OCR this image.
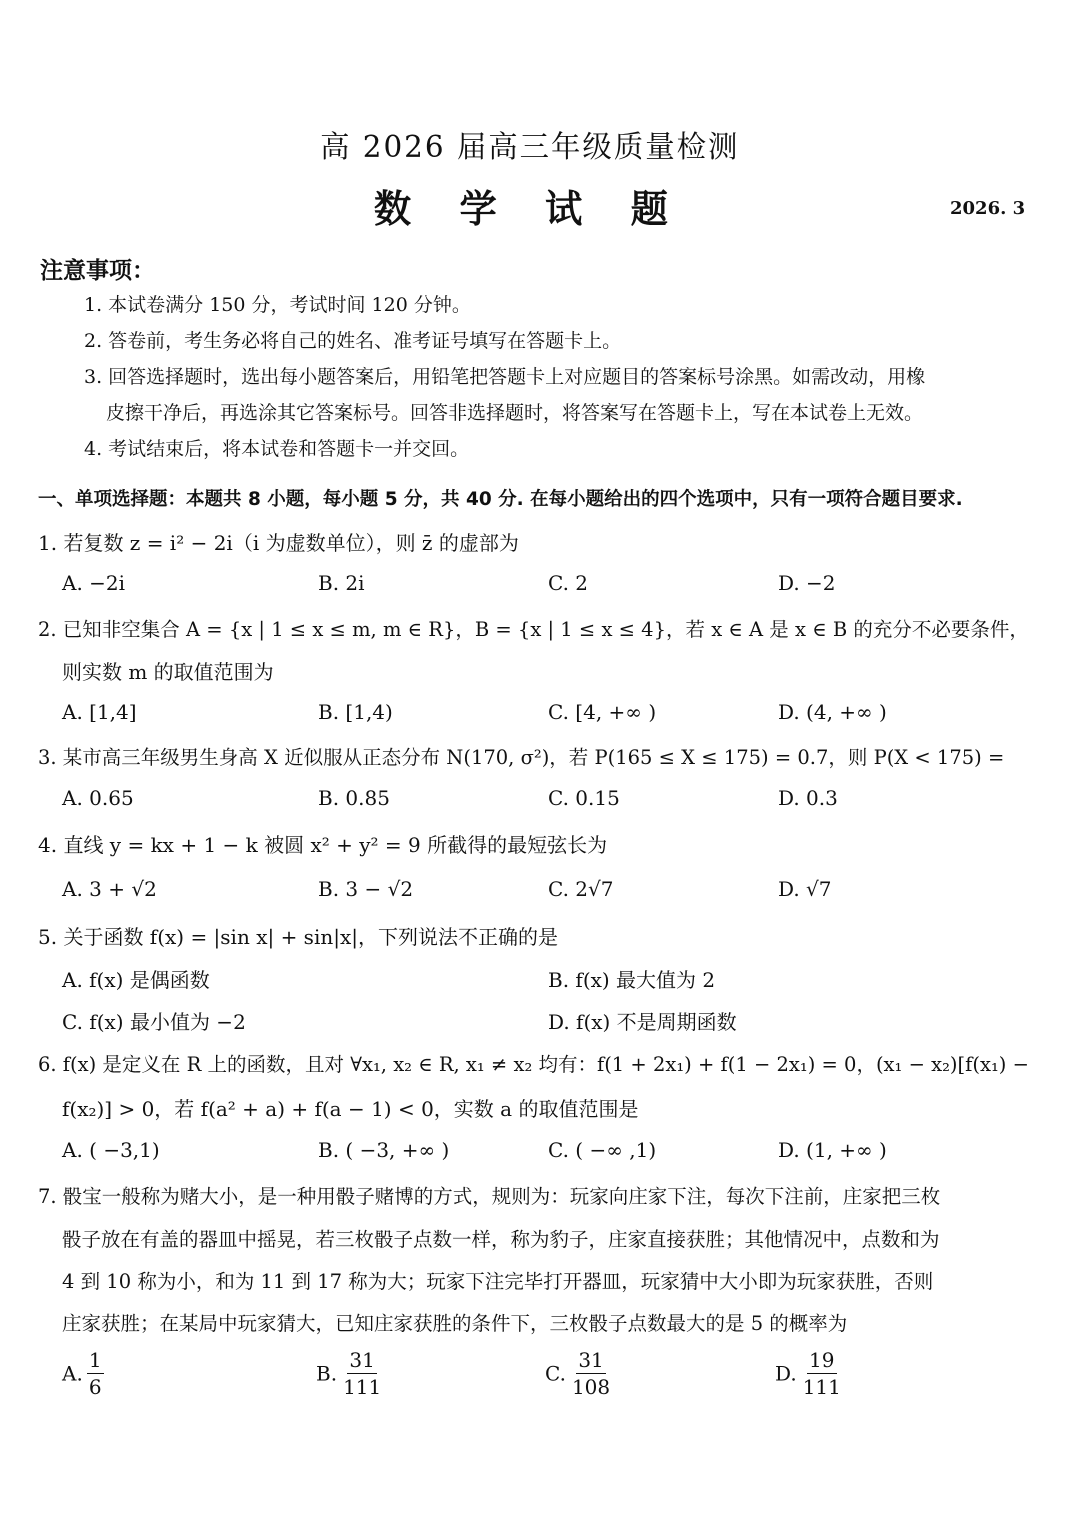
高 2026 届高三年级质量检测
数 学 试 题	2026. 3
注意事项：
1. 本试卷满分 150 分，考试时间 120 分钟。
2. 答卷前，考生务必将自己的姓名、准考证号填写在答题卡上。
3. 回答选择题时，选出每小题答案后，用铅笔把答题卡上对应题目的答案标号涂黑。如需改动，用橡
皮擦干净后，再选涂其它答案标号。回答非选择题时，将答案写在答题卡上，写在本试卷上无效。
4. 考试结束后，将本试卷和答题卡一并交回。
一、单项选择题：本题共 8 小题，每小题 5 分，共 40 分. 在每小题给出的四个选项中，只有一项符合题目要求.
1. 若复数 z = i² − 2i（i 为虚数单位），则 z̄ 的虚部为
A. −2i	B. 2i	C. 2	D. −2
2. 已知非空集合 A = {x | 1 ≤ x ≤ m, m ∈ R}，B = {x | 1 ≤ x ≤ 4}，若 x ∈ A 是 x ∈ B 的充分不必要条件，
则实数 m 的取值范围为
A. [1,4]	B. [1,4)	C. [4, +∞ )	D. (4, +∞ )
3. 某市高三年级男生身高 X 近似服从正态分布 N(170, σ²)，若 P(165 ≤ X ≤ 175) = 0.7，则 P(X < 175) =
A. 0.65	B. 0.85	C. 0.15	D. 0.3
4. 直线 y = kx + 1 − k 被圆 x² + y² = 9 所截得的最短弦长为
A. 3 + √2	B. 3 − √2	C. 2√7	D. √7
5. 关于函数 f(x) = |sin x| + sin|x|，下列说法不正确的是
A. f(x) 是偶函数	B. f(x) 最大值为 2
C. f(x) 最小值为 −2	D. f(x) 不是周期函数
6. f(x) 是定义在 R 上的函数，且对 ∀x₁, x₂ ∈ R, x₁ ≠ x₂ 均有：f(1 + 2x₁) + f(1 − 2x₁) = 0，(x₁ − x₂)[f(x₁) −
f(x₂)] > 0，若 f(a² + a) + f(a − 1) < 0，实数 a 的取值范围是
A. ( −3,1)	B. ( −3, +∞ )	C. ( −∞ ,1)	D. (1, +∞ )
7. 骰宝一般称为赌大小，是一种用骰子赌博的方式，规则为：玩家向庄家下注，每次下注前，庄家把三枚
骰子放在有盖的器皿中摇晃，若三枚骰子点数一样，称为豹子，庄家直接获胜；其他情况中，点数和为
4 到 10 称为小，和为 11 到 17 称为大；玩家下注完毕打开器皿，玩家猜中大小即为玩家获胜，否则
庄家获胜；在某局中玩家猜大，已知庄家获胜的条件下，三枚骰子点数最大的是 5 的概率为
A. $\frac{1}{6}$	B. $\frac{31}{111}$	C. $\frac{31}{108}$	D. $\frac{19}{111}$
